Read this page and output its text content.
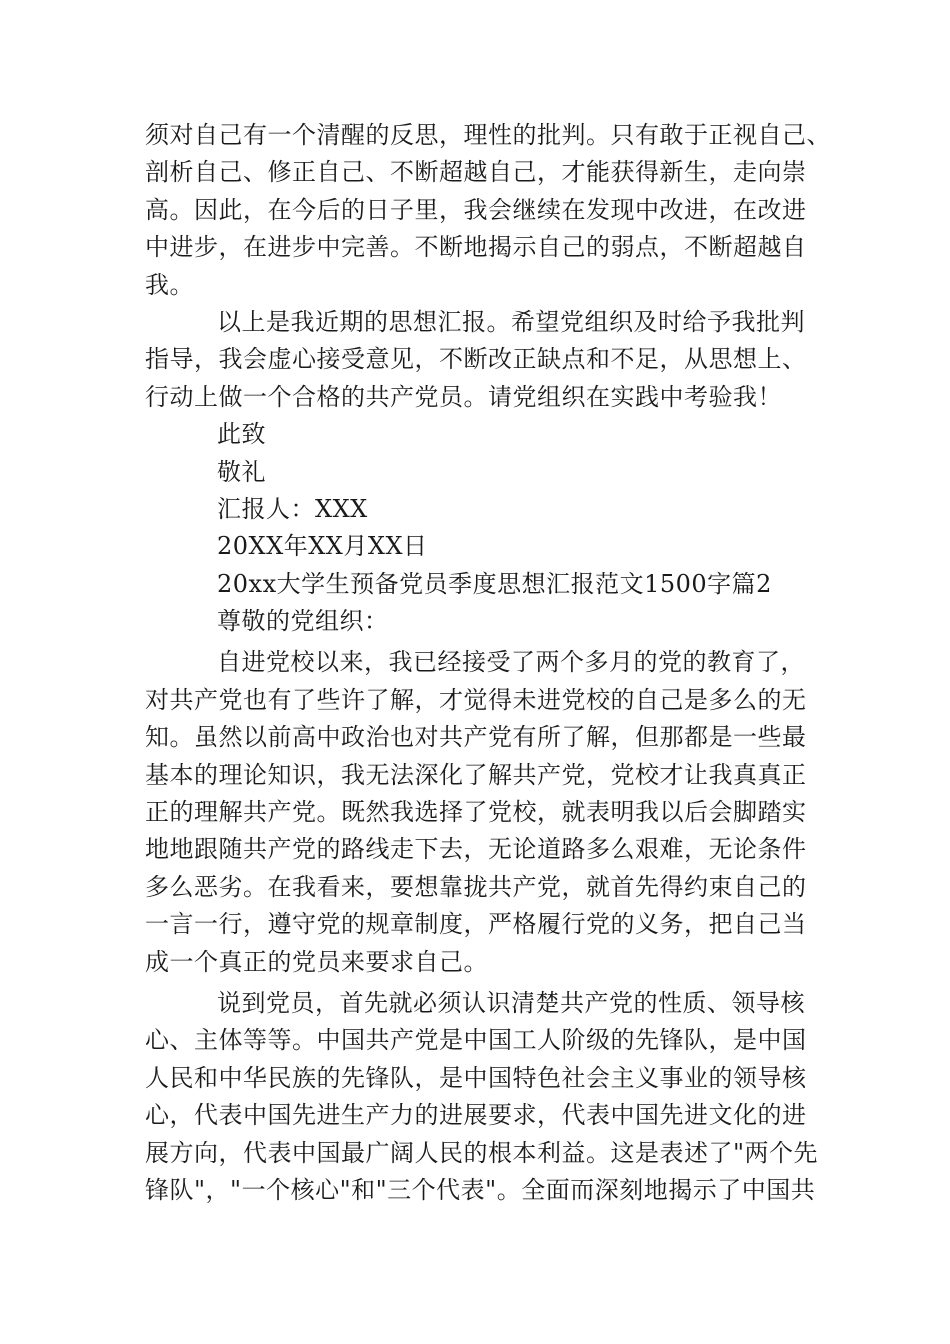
须对自己有一个清醒的反思，理性的批判。只有敢于正视自己、
剖析自己、修正自己、不断超越自己，才能获得新生，走向崇
高。因此，在今后的日子里，我会继续在发现中改进，在改进
中进步，在进步中完善。不断地揭示自己的弱点，不断超越自
我。
以上是我近期的思想汇报。希望党组织及时给予我批判
指导，我会虚心接受意见，不断改正缺点和不足，从思想上、
行动上做一个合格的共产党员。请党组织在实践中考验我！
此致
敬礼
汇报人：XXX
20XX年XX月XX日
20xx大学生预备党员季度思想汇报范文1500字篇2
尊敬的党组织：
自进党校以来，我已经接受了两个多月的党的教育了，
对共产党也有了些许了解，才觉得未进党校的自己是多么的无
知。虽然以前高中政治也对共产党有所了解，但那都是一些最
基本的理论知识，我无法深化了解共产党，党校才让我真真正
正的理解共产党。既然我选择了党校，就表明我以后会脚踏实
地地跟随共产党的路线走下去，无论道路多么艰难，无论条件
多么恶劣。在我看来，要想靠拢共产党，就首先得约束自己的
一言一行，遵守党的规章制度，严格履行党的义务，把自己当
成一个真正的党员来要求自己。
说到党员，首先就必须认识清楚共产党的性质、领导核
心、主体等等。中国共产党是中国工人阶级的先锋队，是中国
人民和中华民族的先锋队，是中国特色社会主义事业的领导核
心，代表中国先进生产力的进展要求，代表中国先进文化的进
展方向，代表中国最广阔人民的根本利益。这是表述了"两个先
锋队"，"一个核心"和"三个代表"。全面而深刻地揭示了中国共
